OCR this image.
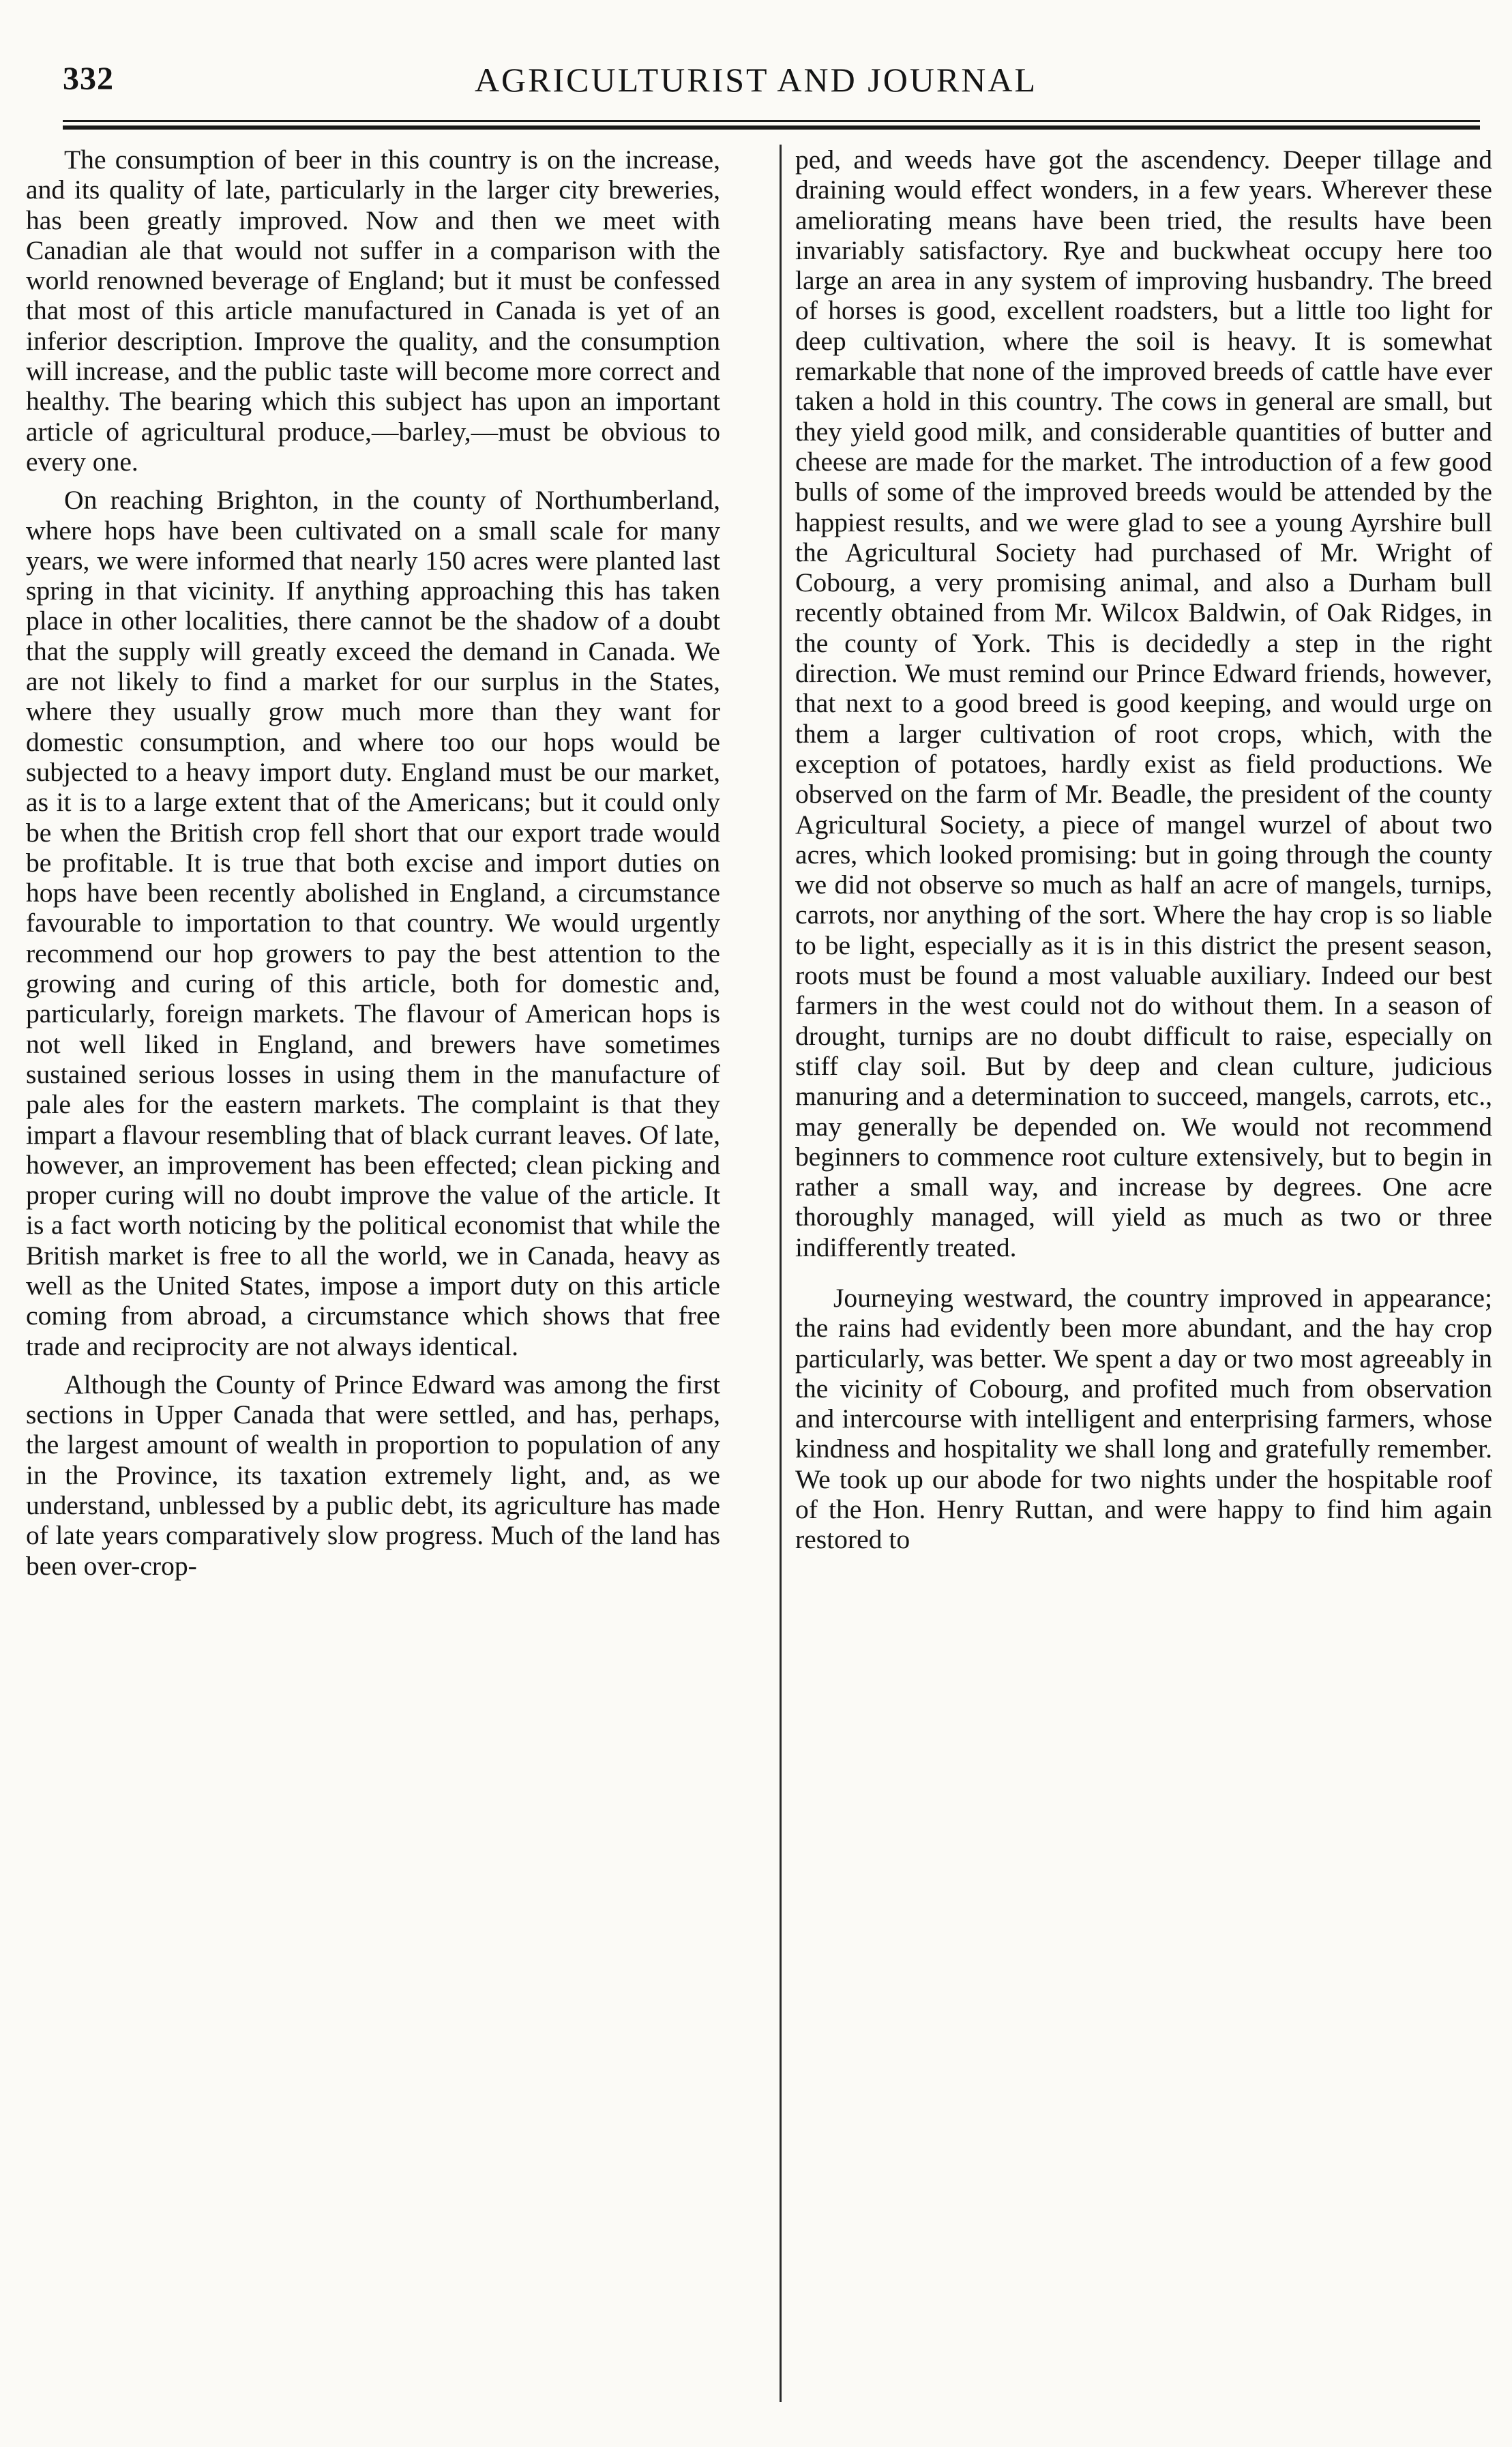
332	AGRICULTURIST AND JOURNAL

The consumption of beer in this country is on the increase, and its quality of late, particularly in the larger city breweries, has been greatly improved. Now and then we meet with Canadian ale that would not suffer in a comparison with the world renowned beverage of England; but it must be confessed that most of this article manufactured in Canada is yet of an inferior description. Improve the quality, and the consumption will increase, and the public taste will become more correct and healthy. The bearing which this subject has upon an important article of agricultural produce,—barley,—must be obvious to every one.

On reaching Brighton, in the county of Northumberland, where hops have been cultivated on a small scale for many years, we were informed that nearly 150 acres were planted last spring in that vicinity. If anything approaching this has taken place in other localities, there cannot be the shadow of a doubt that the supply will greatly exceed the demand in Canada. We are not likely to find a market for our surplus in the States, where they usually grow much more than they want for domestic consumption, and where too our hops would be subjected to a heavy import duty. England must be our market, as it is to a large extent that of the Americans; but it could only be when the British crop fell short that our export trade would be profitable. It is true that both excise and import duties on hops have been recently abolished in England, a circumstance favourable to importation to that country. We would urgently recommend our hop growers to pay the best attention to the growing and curing of this article, both for domestic and, particularly, foreign markets. The flavour of American hops is not well liked in England, and brewers have sometimes sustained serious losses in using them in the manufacture of pale ales for the eastern markets. The complaint is that they impart a flavour resembling that of black currant leaves. Of late, however, an improvement has been effected; clean picking and proper curing will no doubt improve the value of the article. It is a fact worth noticing by the political economist that while the British market is free to all the world, we in Canada, heavy as well as the United States, impose a import duty on this article coming from abroad, a circumstance which shows that free trade and reciprocity are not always identical.

Although the County of Prince Edward was among the first sections in Upper Canada that were settled, and has, perhaps, the largest amount of wealth in proportion to population of any in the Province, its taxation extremely light, and, as we understand, unblessed by a public debt, its agriculture has made of late years comparatively slow progress. Much of the land has been over-crop-

ped, and weeds have got the ascendency. Deeper tillage and draining would effect wonders, in a few years. Wherever these ameliorating means have been tried, the results have been invariably satisfactory. Rye and buckwheat occupy here too large an area in any system of improving husbandry. The breed of horses is good, excellent roadsters, but a little too light for deep cultivation, where the soil is heavy. It is somewhat remarkable that none of the improved breeds of cattle have ever taken a hold in this country. The cows in general are small, but they yield good milk, and considerable quantities of butter and cheese are made for the market. The introduction of a few good bulls of some of the improved breeds would be attended by the happiest results, and we were glad to see a young Ayrshire bull the Agricultural Society had purchased of Mr. Wright of Cobourg, a very promising animal, and also a Durham bull recently obtained from Mr. Wilcox Baldwin, of Oak Ridges, in the county of York. This is decidedly a step in the right direction. We must remind our Prince Edward friends, however, that next to a good breed is good keeping, and would urge on them a larger cultivation of root crops, which, with the exception of potatoes, hardly exist as field productions. We observed on the farm of Mr. Beadle, the president of the county Agricultural Society, a piece of mangel wurzel of about two acres, which looked promising: but in going through the county we did not observe so much as half an acre of mangels, turnips, carrots, nor anything of the sort. Where the hay crop is so liable to be light, especially as it is in this district the present season, roots must be found a most valuable auxiliary. Indeed our best farmers in the west could not do without them. In a season of drought, turnips are no doubt difficult to raise, especially on stiff clay soil. But by deep and clean culture, judicious manuring and a determination to succeed, mangels, carrots, etc., may generally be depended on. We would not recommend beginners to commence root culture extensively, but to begin in rather a small way, and increase by degrees. One acre thoroughly managed, will yield as much as two or three indifferently treated.

Journeying westward, the country improved in appearance; the rains had evidently been more abundant, and the hay crop particularly, was better. We spent a day or two most agreeably in the vicinity of Cobourg, and profited much from observation and intercourse with intelligent and enterprising farmers, whose kindness and hospitality we shall long and gratefully remember. We took up our abode for two nights under the hospitable roof of the Hon. Henry Ruttan, and were happy to find him again restored to
